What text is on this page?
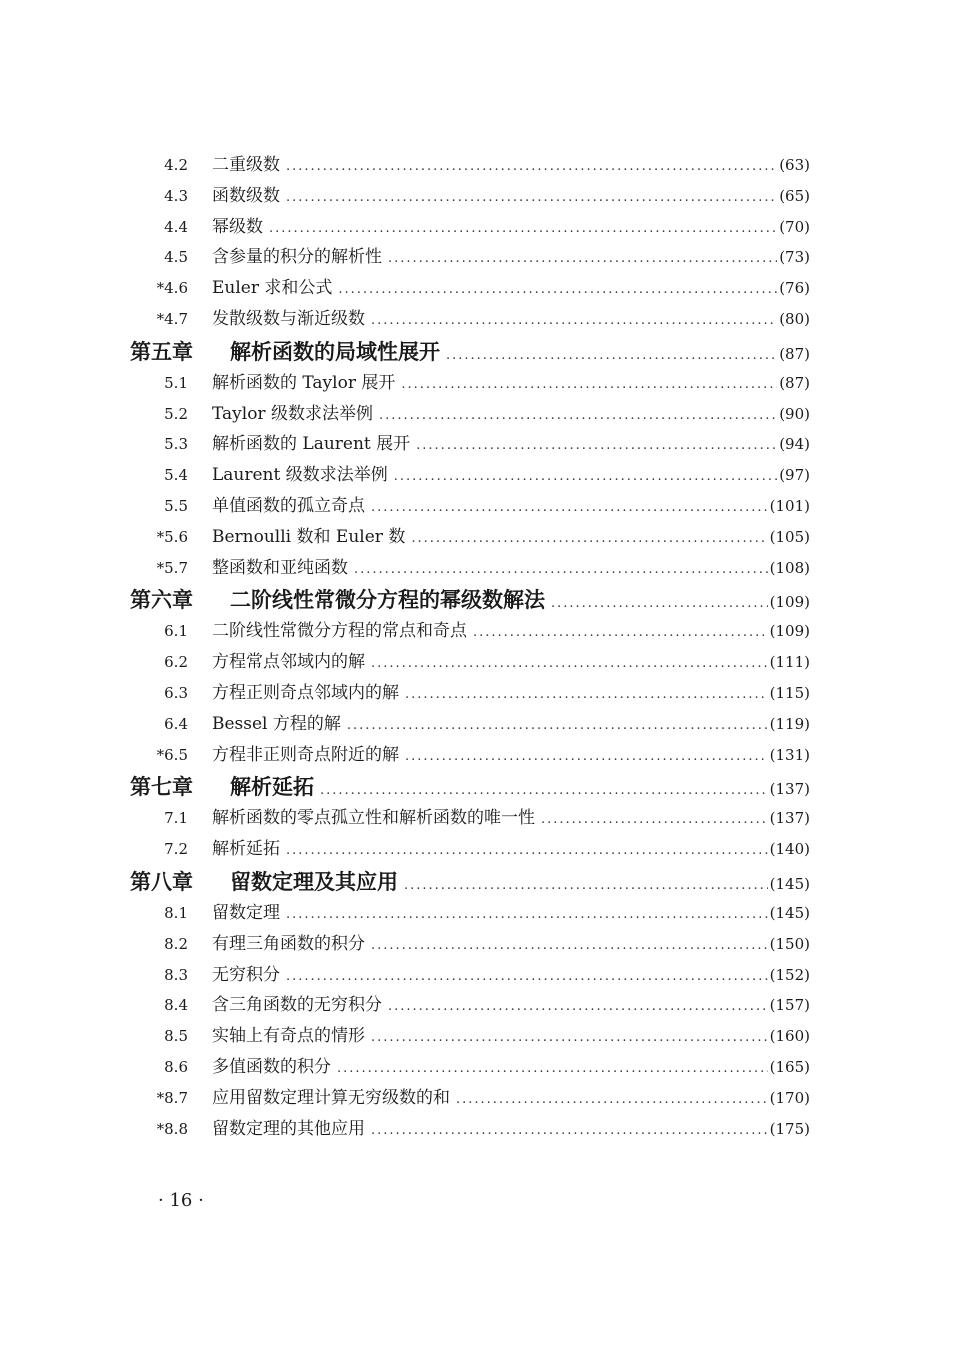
4.2	二重级数 .....	(63)
4.3	函数级数 .....	(65)
4.4	幂级数 .....	(70)
4.5	含参量的积分的解析性 .....	(73)
*4.6	Euler 求和公式 .....	(76)
*4.7	发散级数与渐近级数 .....	(80)
第五章	解析函数的局域性展开 .....	(87)
5.1	解析函数的 Taylor 展开 .....	(87)
5.2	Taylor 级数求法举例 .....	(90)
5.3	解析函数的 Laurent 展开 .....	(94)
5.4	Laurent 级数求法举例 .....	(97)
5.5	单值函数的孤立奇点 .....	(101)
*5.6	Bernoulli 数和 Euler 数 .....	(105)
*5.7	整函数和亚纯函数 .....	(108)
第六章	二阶线性常微分方程的幂级数解法 .....	(109)
6.1	二阶线性常微分方程的常点和奇点 .....	(109)
6.2	方程常点邻域内的解 .....	(111)
6.3	方程正则奇点邻域内的解 .....	(115)
6.4	Bessel 方程的解 .....	(119)
*6.5	方程非正则奇点附近的解 .....	(131)
第七章	解析延拓 .....	(137)
7.1	解析函数的零点孤立性和解析函数的唯一性 .....	(137)
7.2	解析延拓 .....	(140)
第八章	留数定理及其应用 .....	(145)
8.1	留数定理 .....	(145)
8.2	有理三角函数的积分 .....	(150)
8.3	无穷积分 .....	(152)
8.4	含三角函数的无穷积分 .....	(157)
8.5	实轴上有奇点的情形 .....	(160)
8.6	多值函数的积分 .....	(165)
*8.7	应用留数定理计算无穷级数的和 .....	(170)
*8.8	留数定理的其他应用 .....	(175)
· 16 ·
